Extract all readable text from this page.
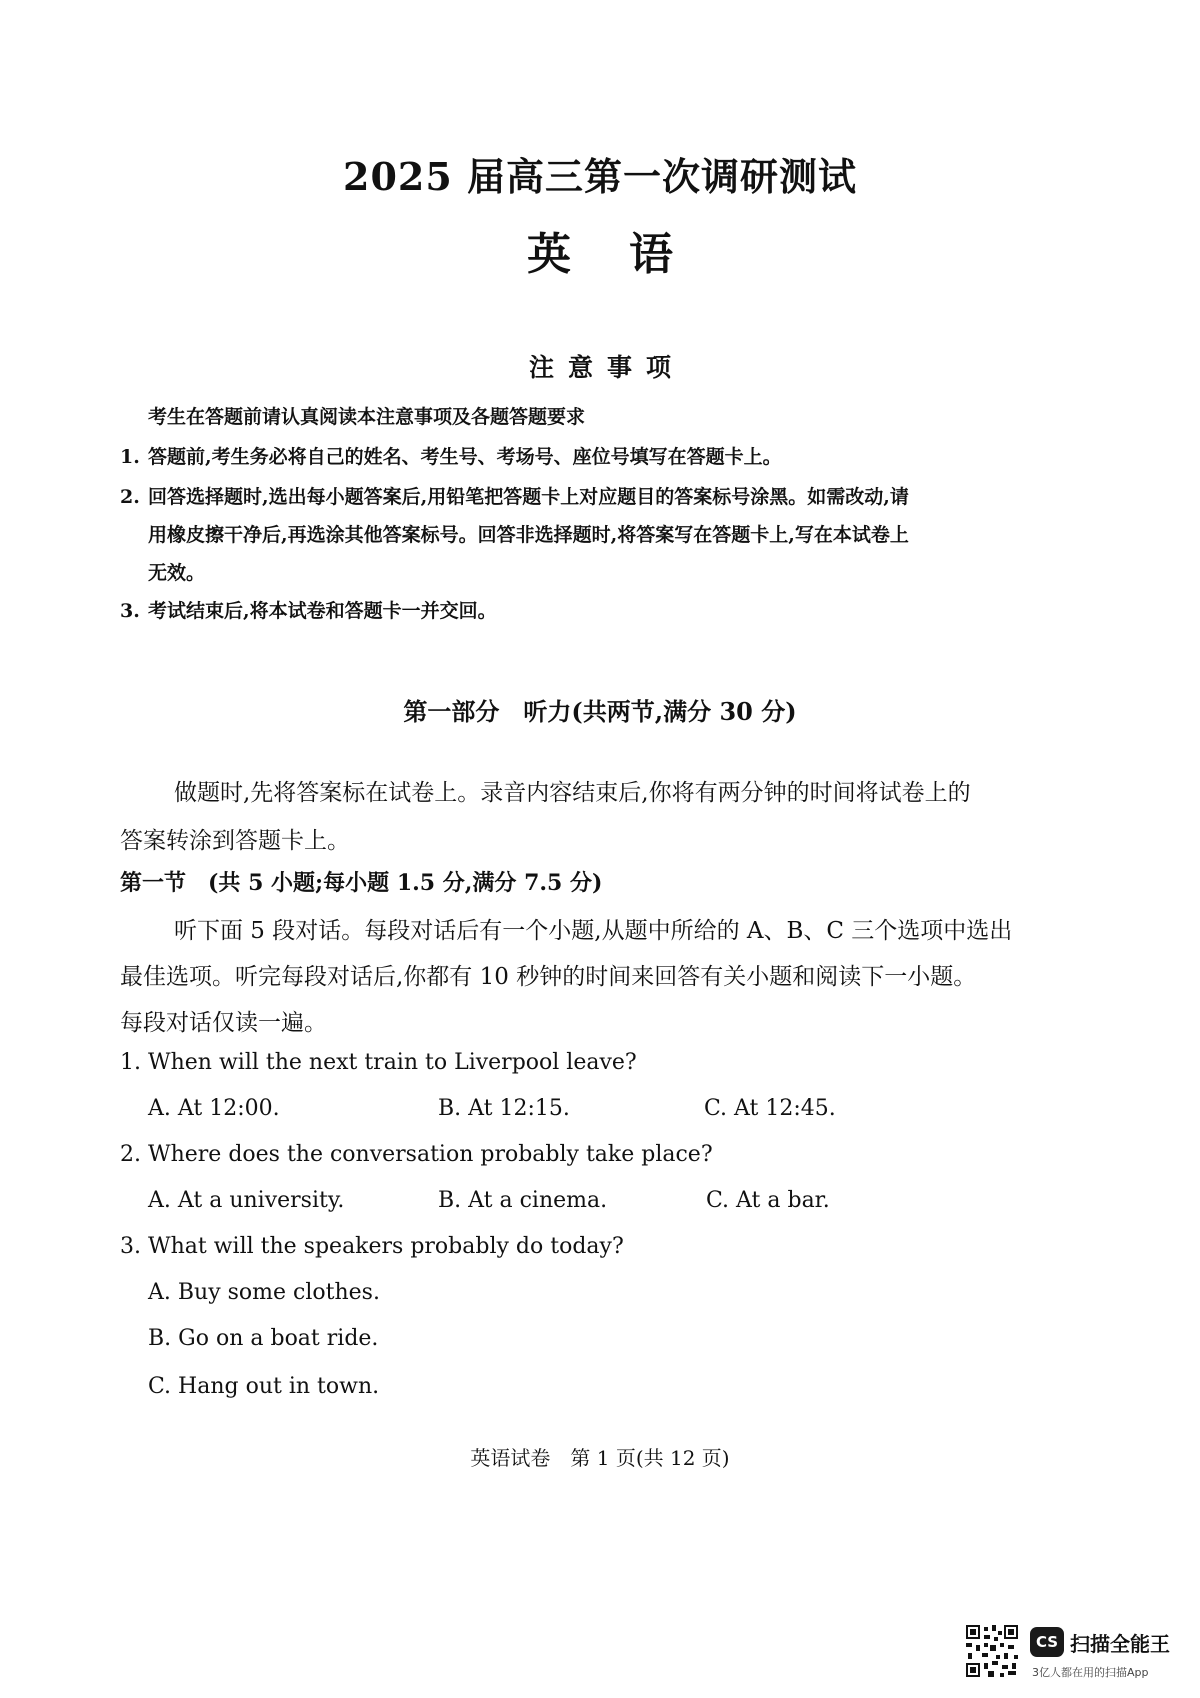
2025 届高三第一次调研测试
英语
注意事项
考生在答题前请认真阅读本注意事项及各题答题要求
1. 答题前,考生务必将自己的姓名、考生号、考场号、座位号填写在答题卡上。
2. 回答选择题时,选出每小题答案后,用铅笔把答题卡上对应题目的答案标号涂黑。如需改动,请
用橡皮擦干净后,再选涂其他答案标号。回答非选择题时,将答案写在答题卡上,写在本试卷上
无效。
3. 考试结束后,将本试卷和答题卡一并交回。
第一部分　听力(共两节,满分 30 分)
做题时,先将答案标在试卷上。录音内容结束后,你将有两分钟的时间将试卷上的
答案转涂到答题卡上。
第一节　(共 5 小题;每小题 1.5 分,满分 7.5 分)
听下面 5 段对话。每段对话后有一个小题,从题中所给的 A、B、C 三个选项中选出
最佳选项。听完每段对话后,你都有 10 秒钟的时间来回答有关小题和阅读下一小题。
每段对话仅读一遍。
1. When will the next train to Liverpool leave?
A. At 12:00.	B. At 12:15.	C. At 12:45.
2. Where does the conversation probably take place?
A. At a university.	B. At a cinema.	C. At a bar.
3. What will the speakers probably do today?
A. Buy some clothes.
B. Go on a boat ride.
C. Hang out in town.
英语试卷　第 1 页(共 12 页)
CS 扫描全能王
3亿人都在用的扫描App
